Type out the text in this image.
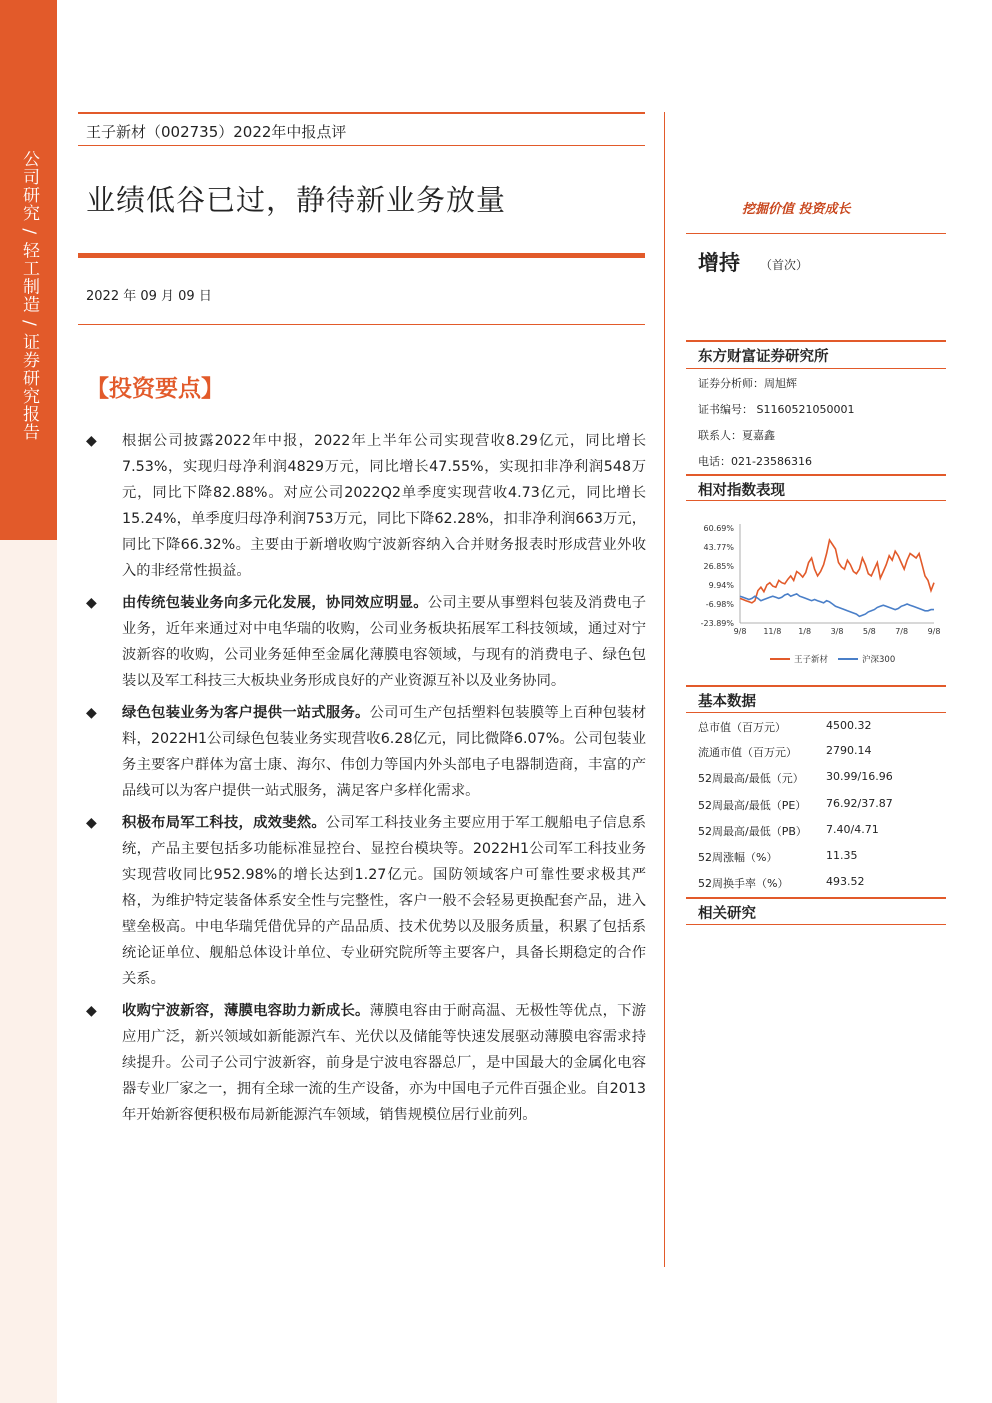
公司研究 / 轻工制造 / 证券研究报告
王子新材（002735）2022年中报点评
业绩低谷已过，静待新业务放量
2022 年 09 月 09 日
【投资要点】
◆	根据公司披露2022年中报，2022年上半年公司实现营收8.29亿元，同比增长7.53%，实现归母净利润4829万元，同比增长47.55%，实现扣非净利润548万元，同比下降82.88%。对应公司2022Q2单季度实现营收4.73亿元，同比增长15.24%，单季度归母净利润753万元，同比下降62.28%，扣非净利润663万元，同比下降66.32%。主要由于新增收购宁波新容纳入合并财务报表时形成营业外收入的非经常性损益。
◆	由传统包装业务向多元化发展，协同效应明显。公司主要从事塑料包装及消费电子业务，近年来通过对中电华瑞的收购，公司业务板块拓展军工科技领域，通过对宁波新容的收购，公司业务延伸至金属化薄膜电容领域，与现有的消费电子、绿色包装以及军工科技三大板块业务形成良好的产业资源互补以及业务协同。
◆	绿色包装业务为客户提供一站式服务。公司可生产包括塑料包装膜等上百种包装材料，2022H1公司绿色包装业务实现营收6.28亿元，同比微降6.07%。公司包装业务主要客户群体为富士康、海尔、伟创力等国内外头部电子电器制造商，丰富的产品线可以为客户提供一站式服务，满足客户多样化需求。
◆	积极布局军工科技，成效斐然。公司军工科技业务主要应用于军工舰船电子信息系统，产品主要包括多功能标准显控台、显控台模块等。2022H1公司军工科技业务实现营收同比952.98%的增长达到1.27亿元。国防领域客户可靠性要求极其严格，为维护特定装备体系安全性与完整性，客户一般不会轻易更换配套产品，进入壁垒极高。中电华瑞凭借优异的产品品质、技术优势以及服务质量，积累了包括系统论证单位、舰船总体设计单位、专业研究院所等主要客户，具备长期稳定的合作关系。
◆	收购宁波新容，薄膜电容助力新成长。薄膜电容由于耐高温、无极性等优点，下游应用广泛，新兴领域如新能源汽车、光伏以及储能等快速发展驱动薄膜电容需求持续提升。公司子公司宁波新容，前身是宁波电容器总厂，是中国最大的金属化电容器专业厂家之一，拥有全球一流的生产设备，亦为中国电子元件百强企业。自2013年开始新容便积极布局新能源汽车领域，销售规模位居行业前列。
挖掘价值 投资成长
增持 （首次）
东方财富证券研究所
证券分析师：周旭辉
证书编号： S1160521050001
联系人：夏嘉鑫
电话：021-23586316
相对指数表现
60.69%
43.77%
26.85%
9.94%
-6.98%
-23.89%
9/8 11/8 1/8 3/8 5/8 7/8 9/8
王子新材	沪深300
基本数据
总市值（百万元）	4500.32
流通市值（百万元）	2790.14
52周最高/最低（元）	30.99/16.96
52周最高/最低（PE）	76.92/37.87
52周最高/最低（PB）	7.40/4.71
52周涨幅（%）	11.35
52周换手率（%）	493.52
相关研究
